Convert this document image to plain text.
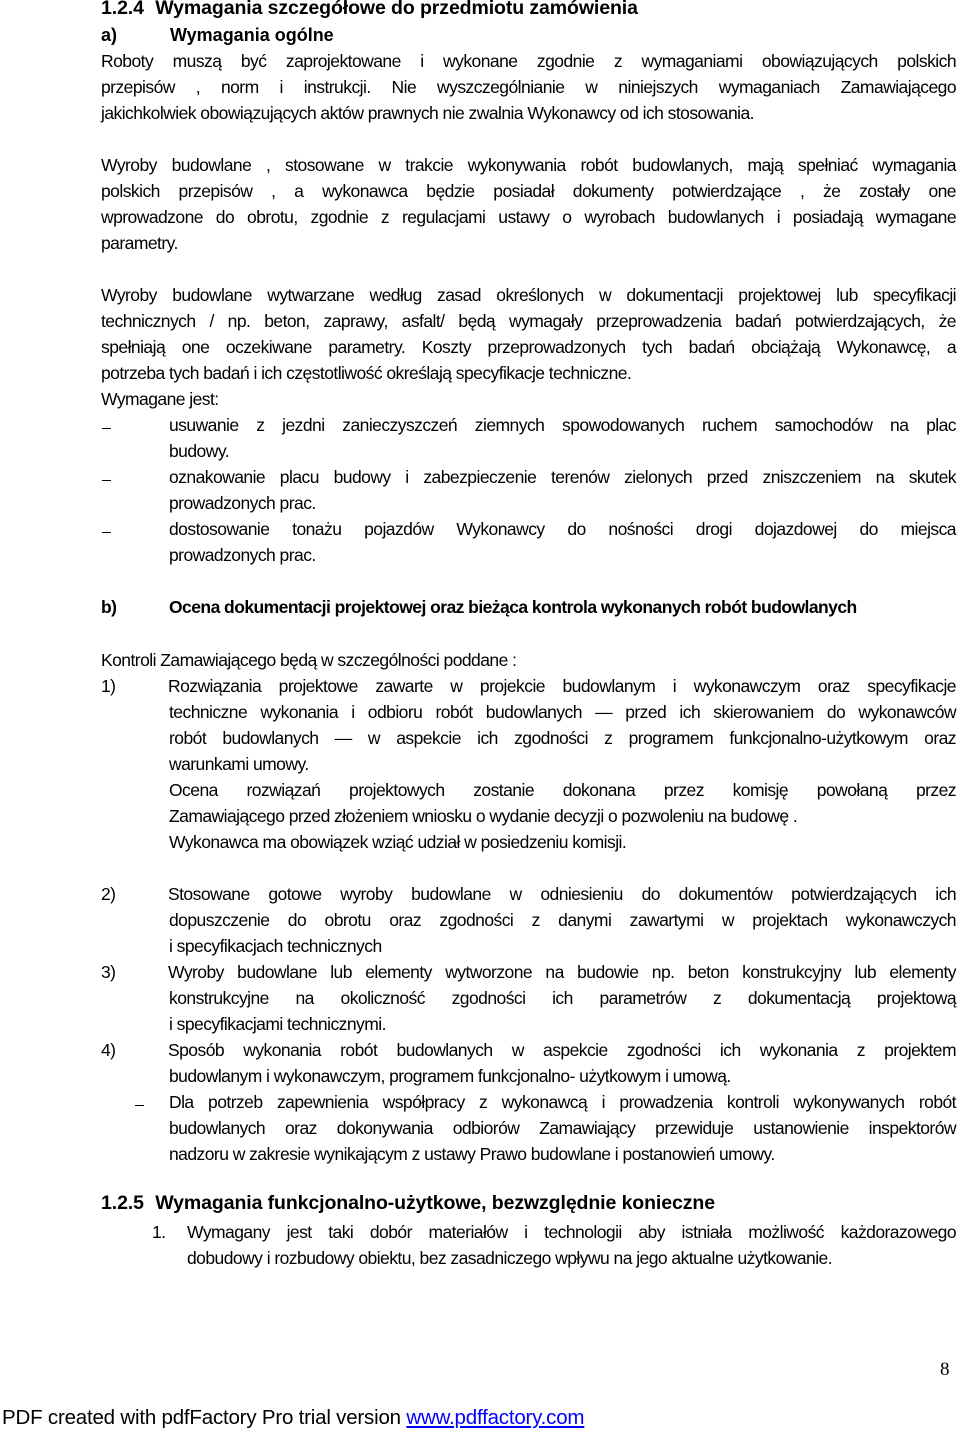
1.2.4 Wymagania szczegółowe do przedmiotu zamówienia
a)	Wymagania ogólne
Roboty muszą być zaprojektowane i wykonane zgodnie z wymaganiami obowiązujących polskich
przepisów , norm i instrukcji. Nie wyszczególnianie w niniejszych wymaganiach Zamawiającego
jakichkolwiek obowiązujących aktów prawnych nie zwalnia Wykonawcy od ich stosowania.
Wyroby budowlane , stosowane w trakcie wykonywania robót budowlanych, mają spełniać wymagania
polskich przepisów , a wykonawca będzie posiadał dokumenty potwierdzające , że zostały one
wprowadzone do obrotu, zgodnie z regulacjami ustawy o wyrobach budowlanych i posiadają wymagane
parametry.
Wyroby budowlane wytwarzane według zasad określonych w dokumentacji projektowej lub specyfikacji
technicznych / np. beton, zaprawy, asfalt/ będą wymagały przeprowadzenia badań potwierdzających, że
spełniają one oczekiwane parametry. Koszty przeprowadzonych tych badań obciążają Wykonawcę, a
potrzeba tych badań i ich częstotliwość określają specyfikacje techniczne.
Wymagane jest:
usuwanie z jezdni zanieczyszczeń ziemnych spowodowanych ruchem samochodów na plac
budowy.
oznakowanie placu budowy i zabezpieczenie terenów zielonych przed zniszczeniem na skutek
prowadzonych prac.
dostosowanie tonażu pojazdów Wykonawcy do nośności drogi dojazdowej do miejsca
prowadzonych prac.
b)	Ocena dokumentacji projektowej oraz bieżąca kontrola wykonanych robót budowlanych
Kontroli Zamawiającego będą w szczególności poddane :
1)	Rozwiązania projektowe zawarte w projekcie budowlanym i wykonawczym oraz specyfikacje
techniczne wykonania i odbioru robót budowlanych — przed ich skierowaniem do wykonawców
robót budowlanych — w aspekcie ich zgodności z programem funkcjonalno-użytkowym oraz
warunkami umowy.
Ocena rozwiązań projektowych zostanie dokonana przez komisję powołaną przez
Zamawiającego przed złożeniem wniosku o wydanie decyzji o pozwoleniu na budowę .
Wykonawca ma obowiązek wziąć udział w posiedzeniu komisji.
2)	Stosowane gotowe wyroby budowlane w odniesieniu do dokumentów potwierdzających ich
dopuszczenie do obrotu oraz zgodności z danymi zawartymi w projektach wykonawczych
i specyfikacjach technicznych
3)	Wyroby budowlane lub elementy wytworzone na budowie np. beton konstrukcyjny lub elementy
konstrukcyjne na okoliczność zgodności ich parametrów z dokumentacją projektową
i specyfikacjami technicznymi.
4)	Sposób wykonania robót budowlanych w aspekcie zgodności ich wykonania z projektem
budowlanym i wykonawczym, programem funkcjonalno- użytkowym i umową.
Dla potrzeb zapewnienia współpracy z wykonawcą i prowadzenia kontroli wykonywanych robót
budowlanych oraz dokonywania odbiorów Zamawiający przewiduje ustanowienie inspektorów
nadzoru w zakresie wynikającym z ustawy Prawo budowlane i postanowień umowy.
1.2.5 Wymagania funkcjonalno-użytkowe, bezwzględnie konieczne
1. Wymagany jest taki dobór materiałów i technologii aby istniała możliwość każdorazowego
dobudowy i rozbudowy obiektu, bez zasadniczego wpływu na jego aktualne użytkowanie.
8
PDF created with pdfFactory Pro trial version www.pdffactory.com
